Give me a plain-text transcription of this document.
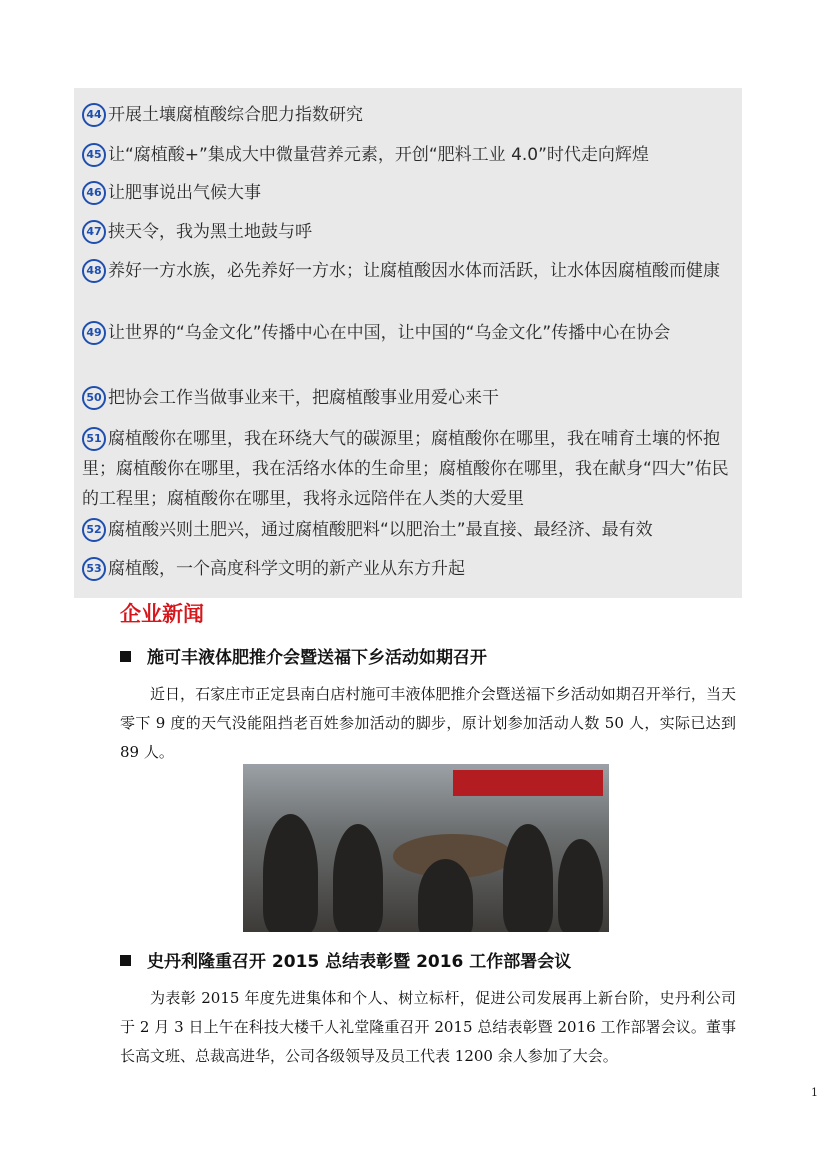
44 开展土壤腐植酸综合肥力指数研究
45 让“腐植酸+”集成大中微量营养元素，开创“肥料工业 4.0”时代走向辉煌
46 让肥事说出气候大事
47 挟天令，我为黑土地鼓与呼
48 养好一方水族，必先养好一方水；让腐植酸因水体而活跃，让水体因腐植酸而健康
49 让世界的“乌金文化”传播中心在中国，让中国的“乌金文化”传播中心在协会
50 把协会工作当做事业来干，把腐植酸事业用爱心来干
51 腐植酸你在哪里，我在环绕大气的碳源里；腐植酸你在哪里，我在哺育土壤的怀抱里；腐植酸你在哪里，我在活络水体的生命里；腐植酸你在哪里，我在献身“四大”佑民的工程里；腐植酸你在哪里，我将永远陪伴在人类的大爱里
52 腐植酸兴则土肥兴，通过腐植酸肥料“以肥治土”最直接、最经济、最有效
53 腐植酸，一个高度科学文明的新产业从东方升起
企业新闻
施可丰液体肥推介会暨送福下乡活动如期召开
近日，石家庄市正定县南白店村施可丰液体肥推介会暨送福下乡活动如期召开举行，当天零下 9 度的天气没能阻挡老百姓参加活动的脚步，原计划参加活动人数 50 人，实际已达到 89 人。
史丹利隆重召开 2015 总结表彰暨 2016 工作部署会议
为表彰 2015 年度先进集体和个人、树立标杆，促进公司发展再上新台阶，史丹利公司于 2 月 3 日上午在科技大楼千人礼堂隆重召开 2015 总结表彰暨 2016 工作部署会议。董事长高文班、总裁高进华，公司各级领导及员工代表 1200 余人参加了大会。
1
